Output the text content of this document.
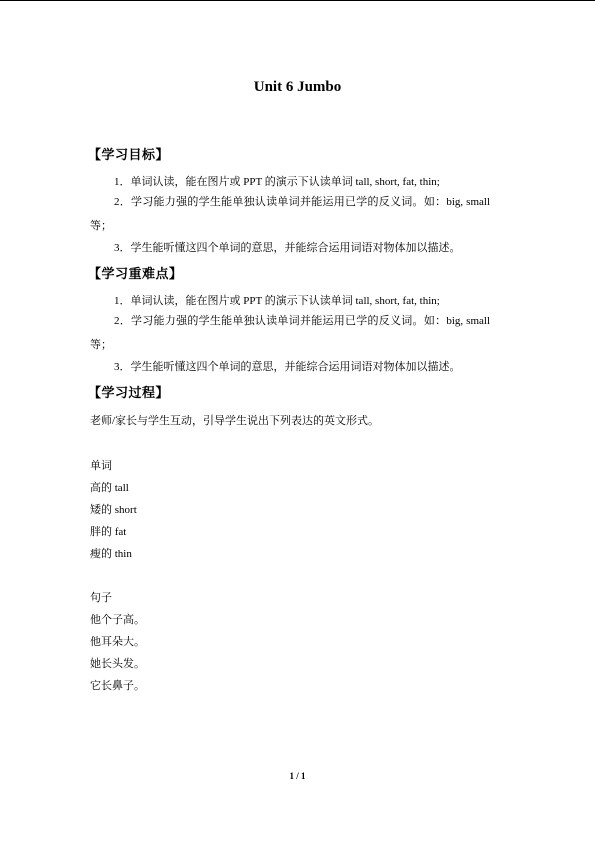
Unit 6 Jumbo
【学习目标】
1．单词认读，能在图片或 PPT 的演示下认读单词 tall, short, fat, thin;
2．学习能力强的学生能单独认读单词并能运用已学的反义词。如：big, small 等；
3．学生能听懂这四个单词的意思，并能综合运用词语对物体加以描述。
【学习重难点】
1．单词认读，能在图片或 PPT 的演示下认读单词 tall, short, fat, thin;
2．学习能力强的学生能单独认读单词并能运用已学的反义词。如：big, small 等；
3．学生能听懂这四个单词的意思，并能综合运用词语对物体加以描述。
【学习过程】
老师/家长与学生互动，引导学生说出下列表达的英文形式。
单词
高的 tall
矮的 short
胖的 fat
瘦的 thin
句子
他个子高。
他耳朵大。
她长头发。
它长鼻子。
1 / 1
